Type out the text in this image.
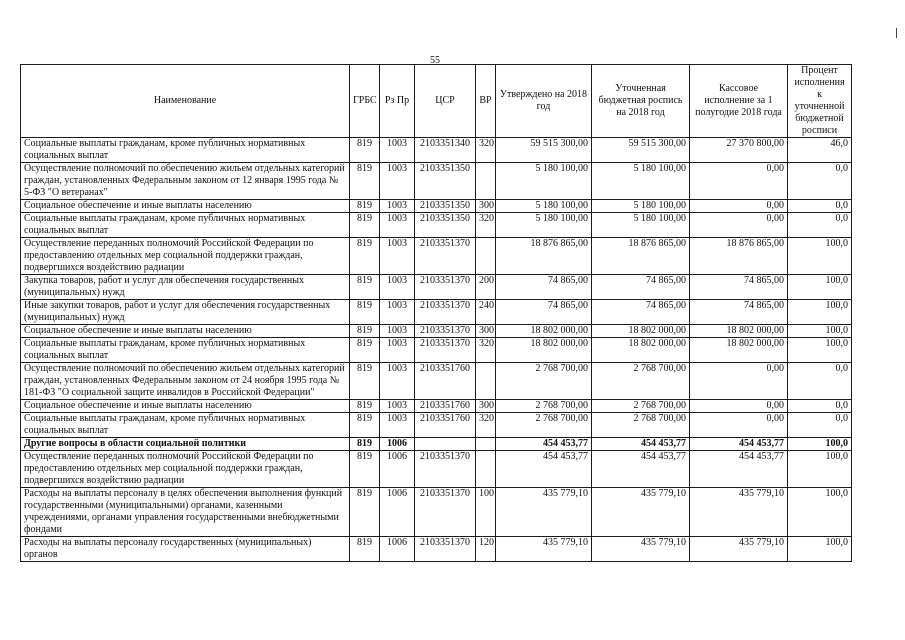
55
Наименование	ГРБС	Рз Пр	ЦСР	ВР	Утверждено на 2018 год	Уточненная бюджетная роспись на 2018 год	Кассовое исполнение за 1 полугодие 2018 года	Процент исполнения к уточненной бюджетной росписи
Социальные выплаты гражданам, кроме публичных нормативных социальных выплат	819	1003	2103351340	320	59 515 300,00	59 515 300,00	27 370 800,00	46,0
Осуществление полномочий по обеспечению жильем отдельных категорий граждан, установленных Федеральным законом от 12 января 1995 года № 5-ФЗ "О ветеранах"	819	1003	2103351350		5 180 100,00	5 180 100,00	0,00	0,0
Социальное обеспечение и иные выплаты населению	819	1003	2103351350	300	5 180 100,00	5 180 100,00	0,00	0,0
Социальные выплаты гражданам, кроме публичных нормативных социальных выплат	819	1003	2103351350	320	5 180 100,00	5 180 100,00	0,00	0,0
Осуществление переданных полномочий Российской Федерации по предоставлению отдельных мер социальной поддержки граждан, подвергшихся воздействию радиации	819	1003	2103351370		18 876 865,00	18 876 865,00	18 876 865,00	100,0
Закупка товаров, работ и услуг для обеспечения государственных (муниципальных) нужд	819	1003	2103351370	200	74 865,00	74 865,00	74 865,00	100,0
Иные закупки товаров, работ и услуг для обеспечения государственных (муниципальных) нужд	819	1003	2103351370	240	74 865,00	74 865,00	74 865,00	100,0
Социальное обеспечение и иные выплаты населению	819	1003	2103351370	300	18 802 000,00	18 802 000,00	18 802 000,00	100,0
Социальные выплаты гражданам, кроме публичных нормативных социальных выплат	819	1003	2103351370	320	18 802 000,00	18 802 000,00	18 802 000,00	100,0
Осуществление полномочий по обеспечению жильем отдельных категорий граждан, установленных Федеральным законом от 24 ноября 1995 года № 181-ФЗ "О социальной защите инвалидов в Российской Федерации"	819	1003	2103351760		2 768 700,00	2 768 700,00	0,00	0,0
Социальное обеспечение и иные выплаты населению	819	1003	2103351760	300	2 768 700,00	2 768 700,00	0,00	0,0
Социальные выплаты гражданам, кроме публичных нормативных социальных выплат	819	1003	2103351760	320	2 768 700,00	2 768 700,00	0,00	0,0
Другие вопросы в области социальной политики	819	1006			454 453,77	454 453,77	454 453,77	100,0
Осуществление переданных полномочий Российской Федерации по предоставлению отдельных мер социальной поддержки граждан, подвергшихся воздействию радиации	819	1006	2103351370		454 453,77	454 453,77	454 453,77	100,0
Расходы на выплаты персоналу в целях обеспечения выполнения функций государственными (муниципальными) органами, казенными учреждениями, органами управления государственными внебюджетными фондами	819	1006	2103351370	100	435 779,10	435 779,10	435 779,10	100,0
Расходы на выплаты персоналу государственных (муниципальных) органов	819	1006	2103351370	120	435 779,10	435 779,10	435 779,10	100,0
